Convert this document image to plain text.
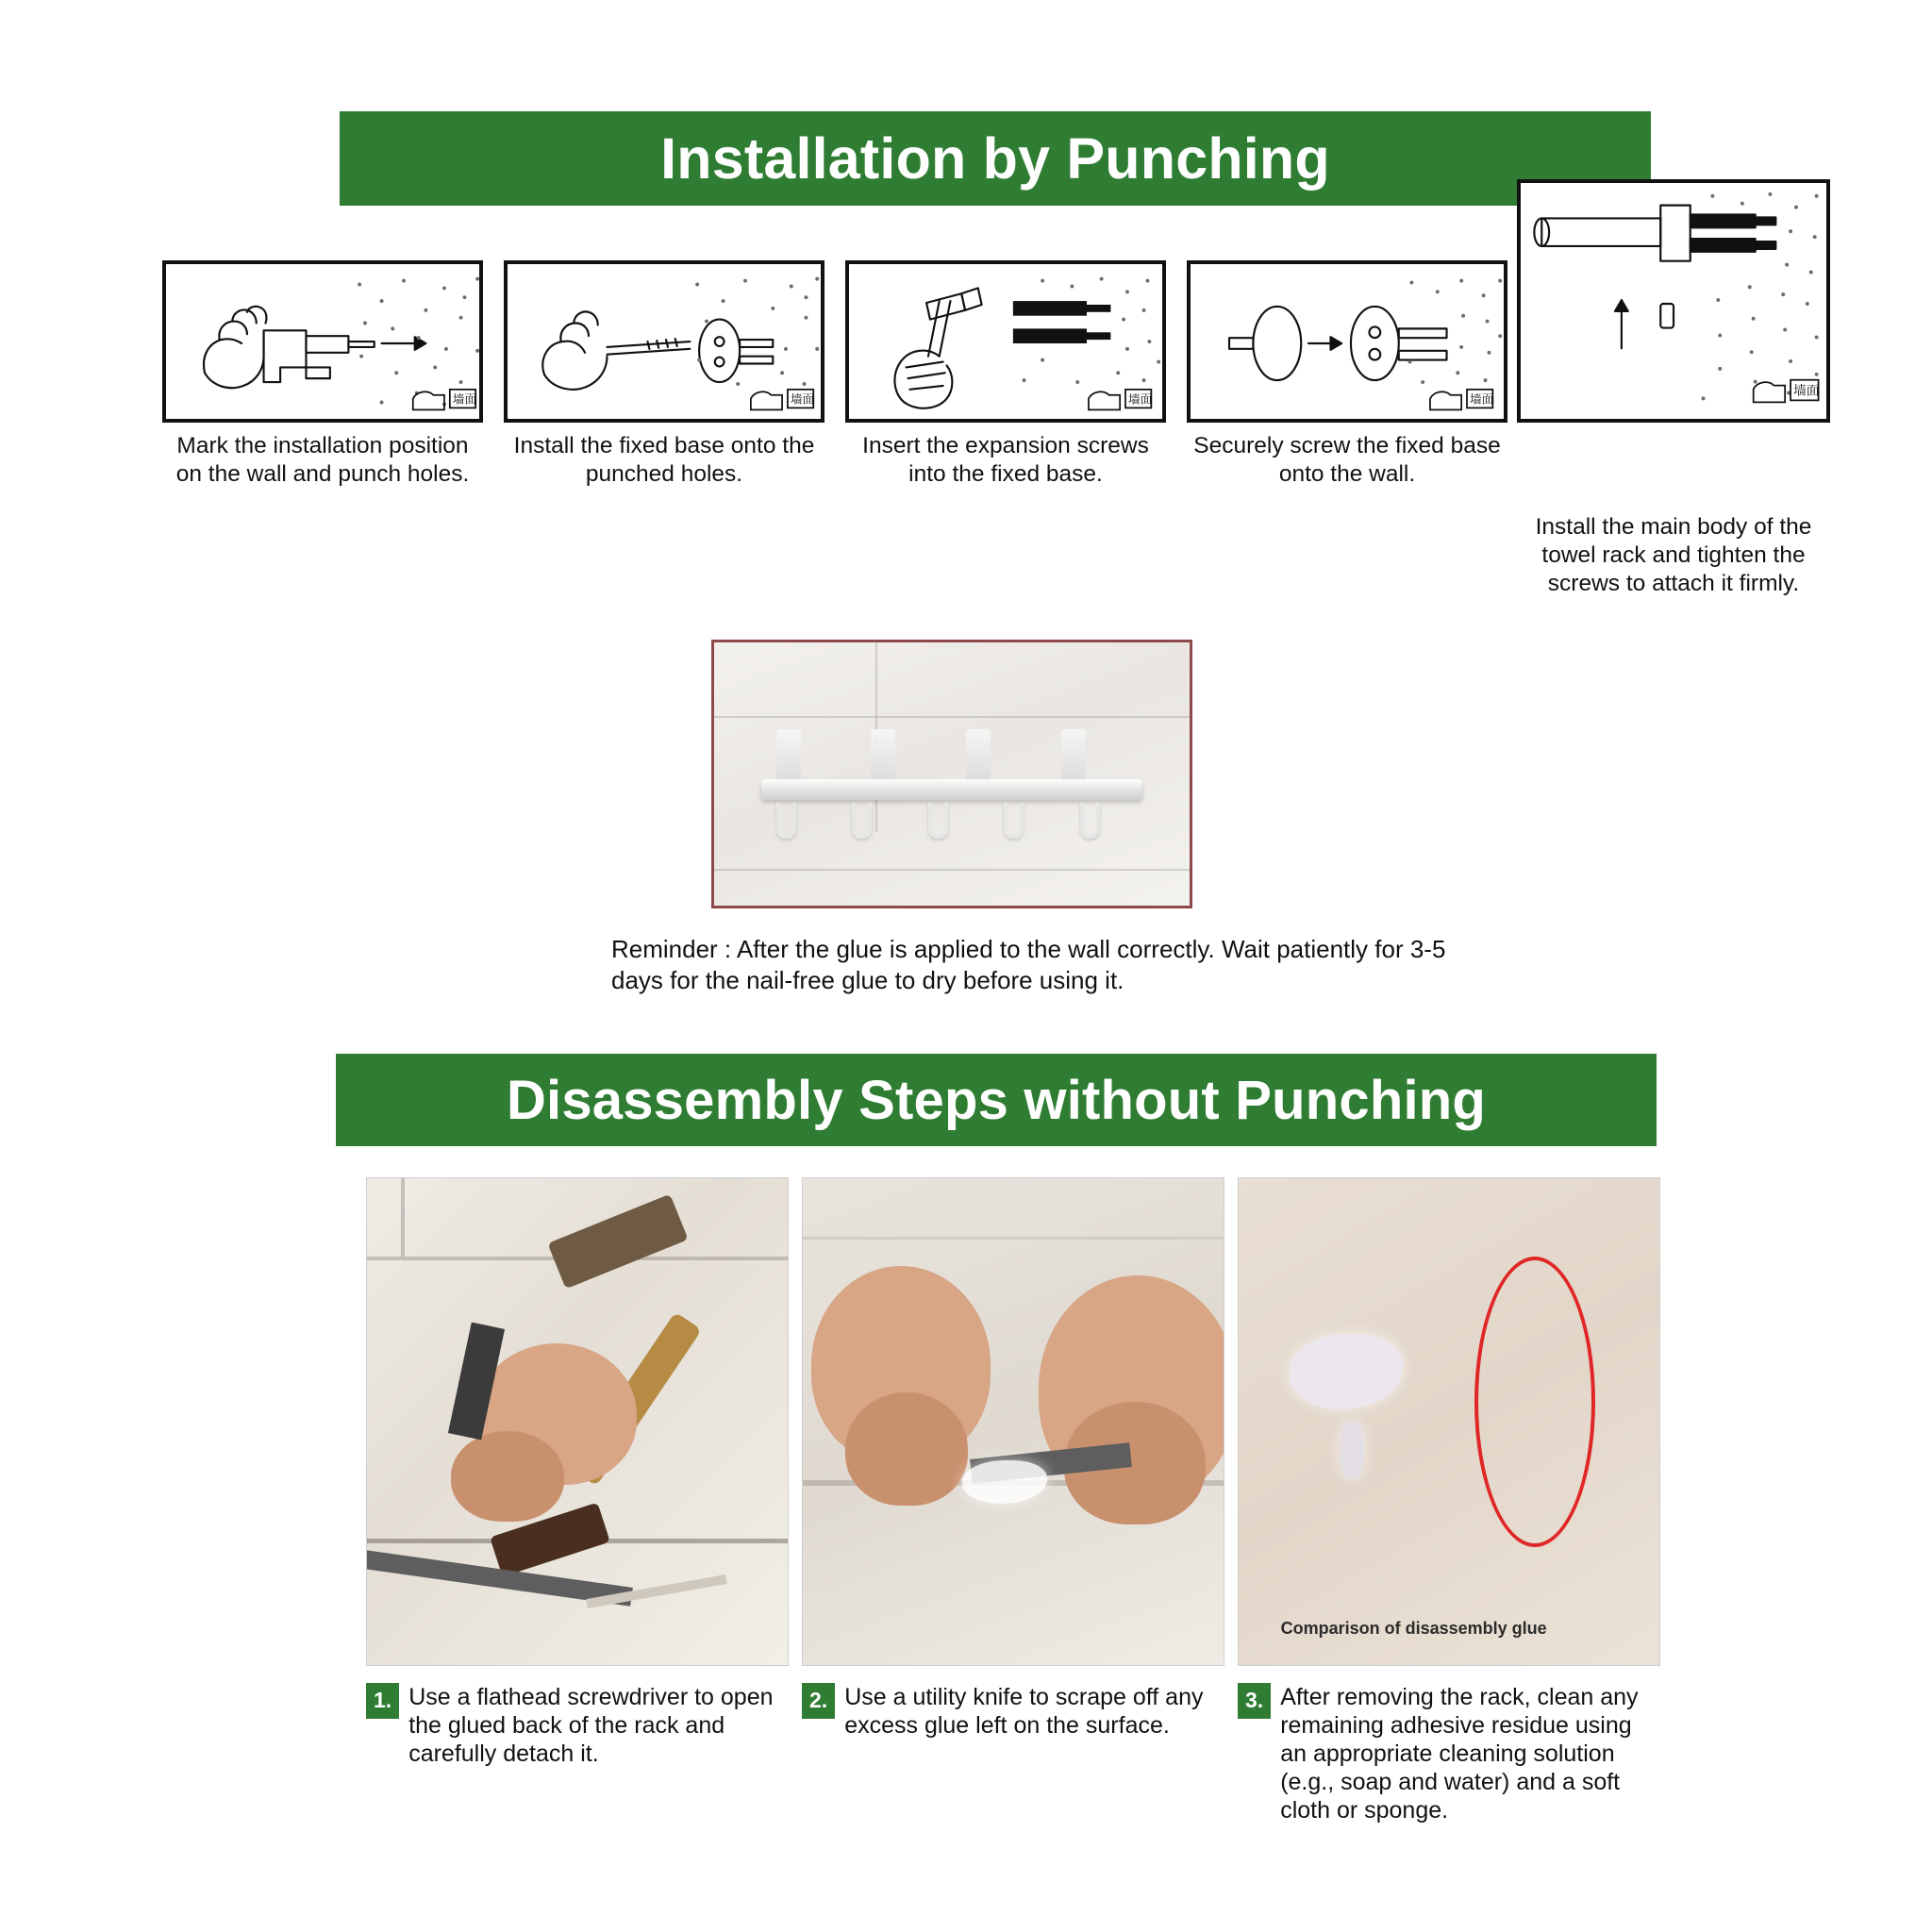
Installation by Punching
墙面
Mark the installation position on the wall and punch holes.
墙面
Install the fixed base onto the punched holes.
墙面
Insert the expansion screws into the fixed base.
墙面
Securely screw the fixed base onto the wall.
墙面
Install the main body of the towel rack and tighten the screws to attach it firmly.
Reminder : After the glue is applied to the wall correctly. Wait patiently for 3-5 days for the nail-free glue to dry before using it.
Disassembly Steps without Punching
1. Use a flathead screwdriver to open the glued back of the rack and carefully detach it.
2. Use a utility knife to scrape off any excess glue left on the surface.
Comparison of disassembly glue
3. After removing the rack, clean any remaining adhesive residue using an appropriate cleaning solution (e.g., soap and water) and a soft cloth or sponge.
